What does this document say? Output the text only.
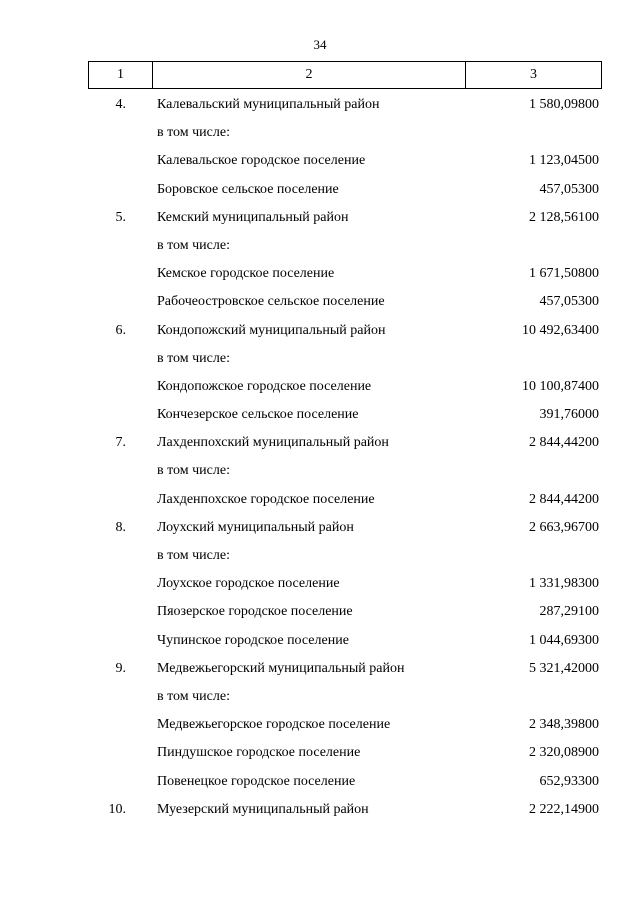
34
1	2	3
4. Калевальский муниципальный район	1 580,09800
в том числе:
Калевальское городское поселение	1 123,04500
Боровское сельское поселение	457,05300
5. Кемский муниципальный район	2 128,56100
в том числе:
Кемское городское поселение	1 671,50800
Рабочеостровское сельское поселение	457,05300
6. Кондопожский муниципальный район	10 492,63400
в том числе:
Кондопожское городское поселение	10 100,87400
Кончезерское сельское поселение	391,76000
7. Лахденпохский муниципальный район	2 844,44200
в том числе:
Лахденпохское городское поселение	2 844,44200
8. Лоухский муниципальный район	2 663,96700
в том числе:
Лоухское городское поселение	1 331,98300
Пяозерское городское поселение	287,29100
Чупинское городское поселение	1 044,69300
9. Медвежьегорский муниципальный район	5 321,42000
в том числе:
Медвежьегорское городское поселение	2 348,39800
Пиндушское городское поселение	2 320,08900
Повенецкое городское поселение	652,93300
10. Муезерский муниципальный район	2 222,14900
